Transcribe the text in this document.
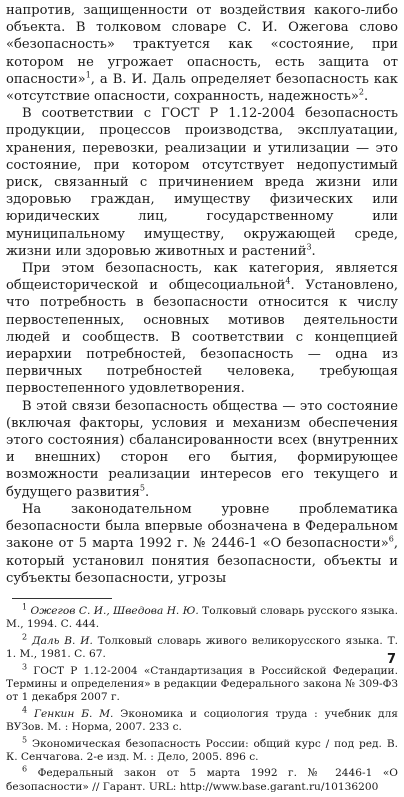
напротив, защищенности от воздействия какого-либо объекта. В толковом словаре С. И. Ожегова слово «безопасность» трактуется как «состояние, при котором не угрожает опасность, есть защита от опасности»$^1$, а В. И. Даль определяет безопасность как «отсутствие опасности, сохранность, надежность»$^2$.

В соответствии с ГОСТ Р 1.12-2004 безопасность продукции, процессов производства, эксплуатации, хранения, перевозки, реализации и утилизации — это состояние, при котором отсутствует недопустимый риск, связанный с причинением вреда жизни или здоровью граждан, имуществу физических или юридических лиц, государственному или муниципальному имуществу, окружающей среде, жизни или здоровью животных и растений$^3$.

При этом безопасность, как категория, является общеисторической и общесоциальной$^4$. Установлено, что потребность в безопасности относится к числу первостепенных, основных мотивов деятельности людей и сообществ. В соответствии с концепцией иерархии потребностей, безопасность — одна из первичных потребностей человека, требующая первостепенного удовлетворения.

В этой связи безопасность общества — это состояние (включая факторы, условия и механизм обеспечения этого состояния) сбалансированности всех (внутренних и внешних) сторон его бытия, формирующее возможности реализации интересов его текущего и будущего развития$^5$.

На законодательном уровне проблематика безопасности была впервые обозначена в Федеральном законе от 5 марта 1992 г. № 2446-1 «О безопасности»$^6$, который установил понятия безопасности, объекты и субъекты безопасности, угрозы

$^1$ Ожегов С. И., Шведова Н. Ю. Толковый словарь русского языка. М., 1994. С. 444.

$^2$ Даль В. И. Толковый словарь живого великорусского языка. Т. 1. М., 1981. С. 67.

$^3$ ГОСТ Р 1.12-2004 «Стандартизация в Российской Федерации. Термины и определения» в редакции Федерального закона № 309-ФЗ от 1 декабря 2007 г.

$^4$ Генкин Б. М. Экономика и социология труда : учебник для ВУЗов. М. : Норма, 2007. 233 с.

$^5$ Экономическая безопасность России: общий курс / под ред. В. К. Сенчагова. 2-е изд. М. : Дело, 2005. 896 с.

$^6$ Федеральный закон от 5 марта 1992 г. № 2446-1 «О безопасности» // Гарант. URL: http://www.base.garant.ru/10136200

7
